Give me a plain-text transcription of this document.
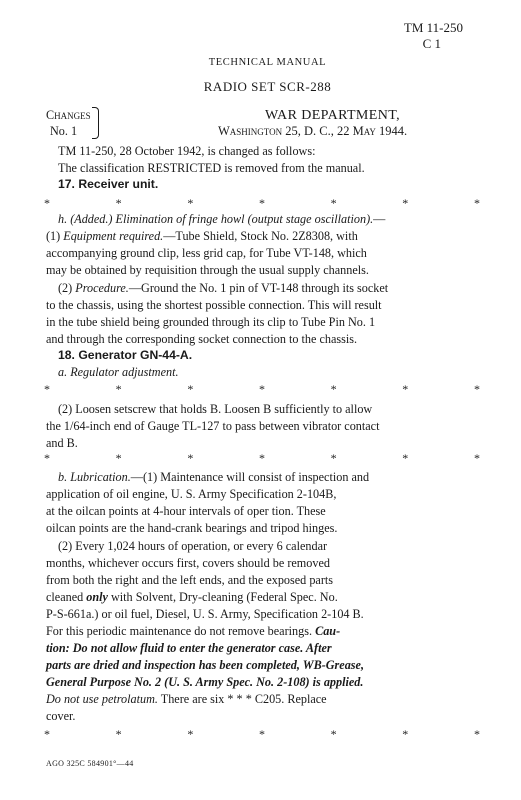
TM 11-250
C 1
TECHNICAL MANUAL
RADIO SET SCR-288
Changes
No. 1
WAR DEPARTMENT,
Washington 25, D. C., 22 May 1944.
TM 11-250, 28 October 1942, is changed as follows:
The classification RESTRICTED is removed from the manual.
17. Receiver unit.
*	*	*	*	*	*	*
h. (Added.) Elimination of fringe howl (output stage oscillation).—
(1) Equipment required.—Tube Shield, Stock No. 2Z8308, with
accompanying ground clip, less grid cap, for Tube VT-148, which
may be obtained by requisition through the usual supply channels.
(2) Procedure.—Ground the No. 1 pin of VT-148 through its socket
to the chassis, using the shortest possible connection. This will result
in the tube shield being grounded through its clip to Tube Pin No. 1
and through the corresponding socket connection to the chassis.
18. Generator GN-44-A.
a. Regulator adjustment.
*	*	*	*	*	*	*
(2) Loosen setscrew that holds B. Loosen B sufficiently to allow
the 1/64-inch end of Gauge TL-127 to pass between vibrator contact
and B.
*	*	*	*	*	*	*
b. Lubrication.—(1) Maintenance will consist of inspection and
application of oil engine, U. S. Army Specification 2-104B,
at the oilcan points at 4-hour intervals of oper tion. These
oilcan points are the hand-crank bearings and tripod hinges.
(2) Every 1,024 hours of operation, or every 6 calendar
months, whichever occurs first, covers should be removed
from both the right and the left ends, and the exposed parts
cleaned only with Solvent, Dry-cleaning (Federal Spec. No.
P-S-661a.) or oil fuel, Diesel, U. S. Army, Specification 2-104 B.
For this periodic maintenance do not remove bearings. Cau-
tion: Do not allow fluid to enter the generator case. After
parts are dried and inspection has been completed, WB-Grease,
General Purpose No. 2 (U. S. Army Spec. No. 2-108) is applied.
Do not use petrolatum. There are six * * * C205. Replace
cover.
*	*	*	*	*	*	*
AGO 325C 584901°—44
